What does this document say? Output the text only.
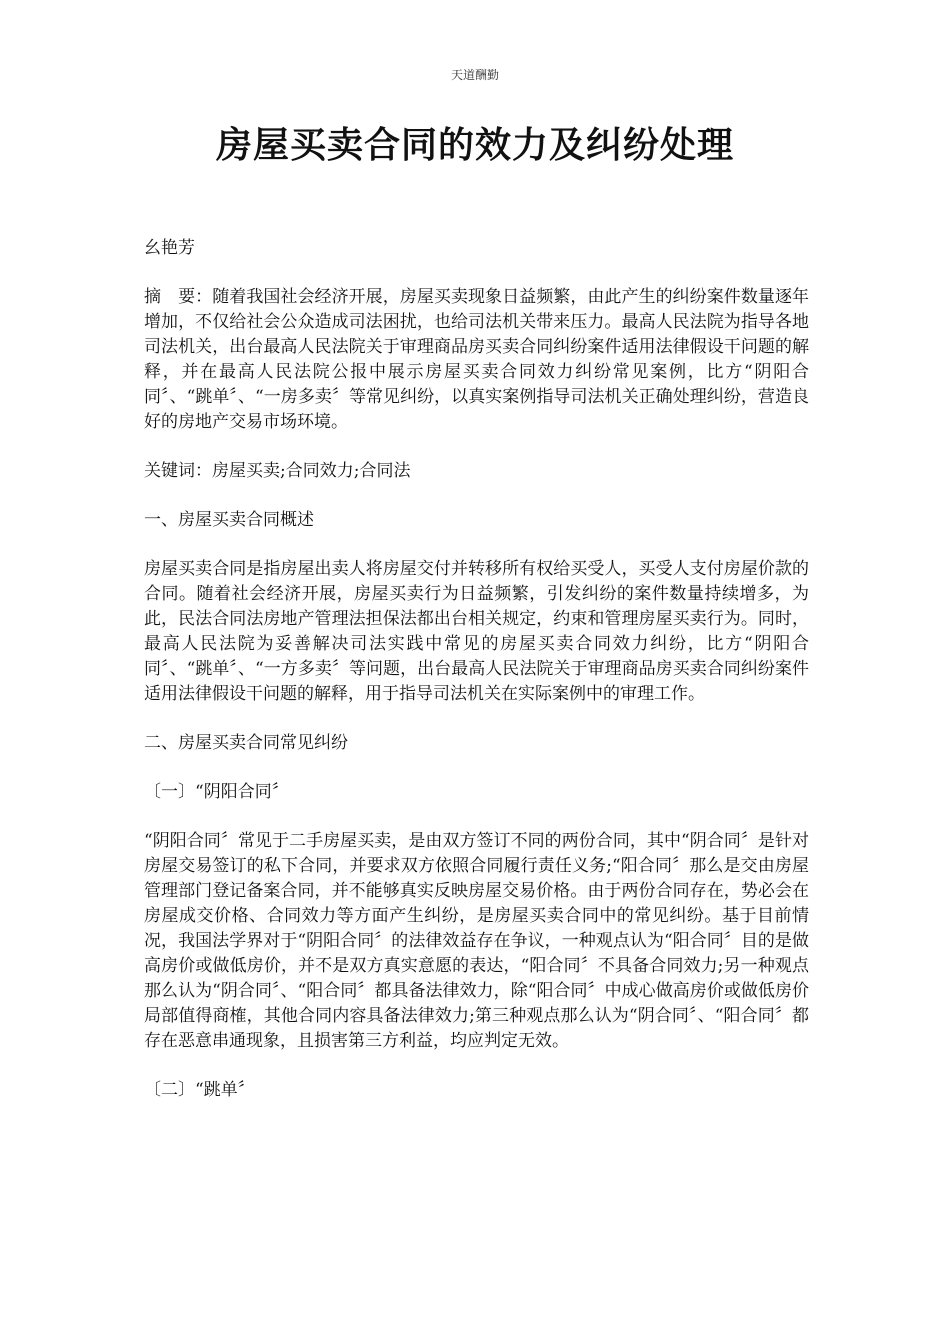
天道酬勤
房屋买卖合同的效力及纠纷处理

幺艳芳

摘　要：随着我国社会经济开展，房屋买卖现象日益频繁，由此产生的纠纷案件数量逐年增加，不仅给社会公众造成司法困扰，也给司法机关带来压力。最高人民法院为指导各地司法机关，出台最高人民法院关于审理商品房买卖合同纠纷案件适用法律假设干问题的解释，并在最高人民法院公报中展示房屋买卖合同效力纠纷常见案例，比方“阴阳合同〞、“跳单〞、“一房多卖〞等常见纠纷，以真实案例指导司法机关正确处理纠纷，营造良好的房地产交易市场环境。

关键词：房屋买卖;合同效力;合同法

一、房屋买卖合同概述

房屋买卖合同是指房屋出卖人将房屋交付并转移所有权给买受人，买受人支付房屋价款的合同。随着社会经济开展，房屋买卖行为日益频繁，引发纠纷的案件数量持续增多，为此，民法合同法房地产管理法担保法都出台相关规定，约束和管理房屋买卖行为。同时，最高人民法院为妥善解决司法实践中常见的房屋买卖合同效力纠纷，比方“阴阳合同〞、“跳单〞、“一方多卖〞等问题，出台最高人民法院关于审理商品房买卖合同纠纷案件适用法律假设干问题的解释，用于指导司法机关在实际案例中的审理工作。

二、房屋买卖合同常见纠纷

〔一〕“阴阳合同〞

“阴阳合同〞常见于二手房屋买卖，是由双方签订不同的两份合同，其中“阴合同〞是针对房屋交易签订的私下合同，并要求双方依照合同履行责任义务;“阳合同〞那么是交由房屋管理部门登记备案合同，并不能够真实反映房屋交易价格。由于两份合同存在，势必会在房屋成交价格、合同效力等方面产生纠纷，是房屋买卖合同中的常见纠纷。基于目前情况，我国法学界对于“阴阳合同〞的法律效益存在争议，一种观点认为“阳合同〞目的是做高房价或做低房价，并不是双方真实意愿的表达，“阳合同〞不具备合同效力;另一种观点那么认为“阴合同〞、“阳合同〞都具备法律效力，除“阳合同〞中成心做高房价或做低房价局部值得商榷，其他合同内容具备法律效力;第三种观点那么认为“阴合同〞、“阳合同〞都存在恶意串通现象，且损害第三方利益，均应判定无效。

〔二〕“跳单〞
